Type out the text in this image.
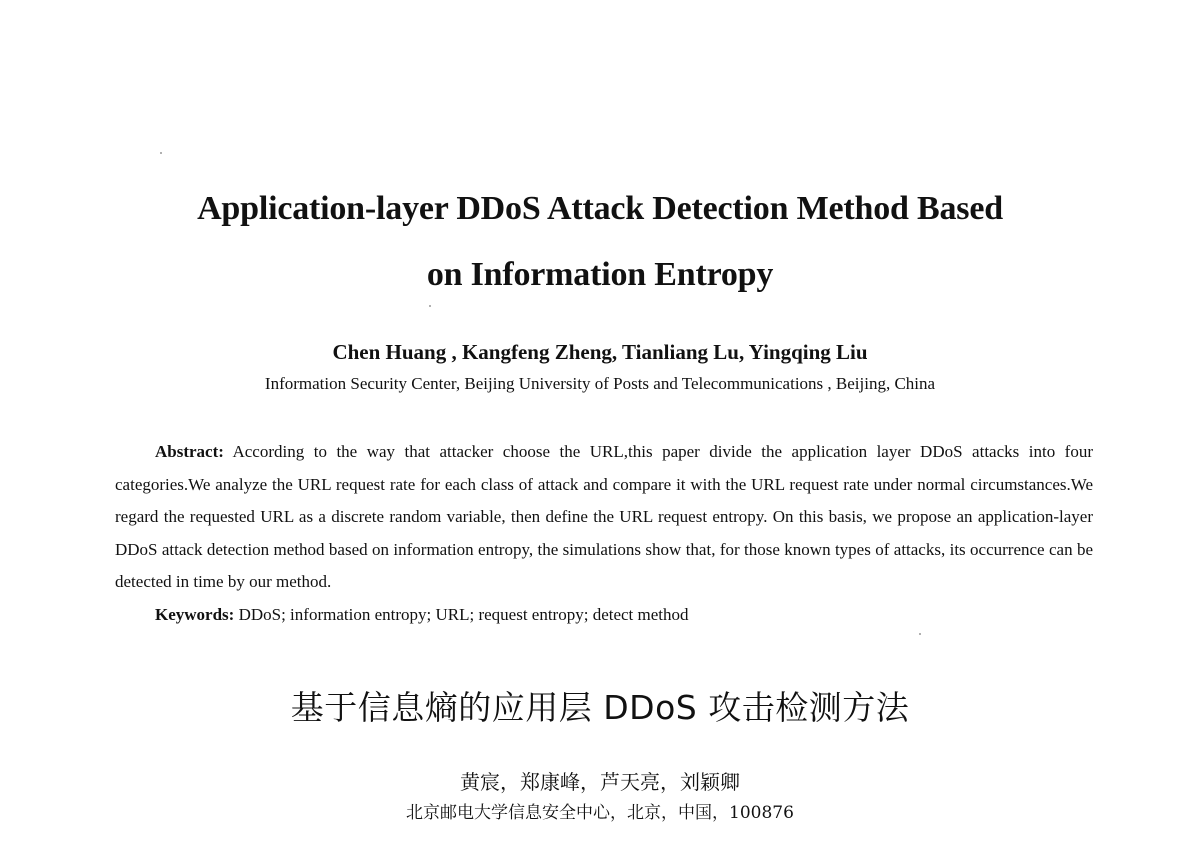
Application-layer DDoS Attack Detection Method Based
on Information Entropy
Chen Huang , Kangfeng Zheng, Tianliang Lu, Yingqing Liu
Information Security Center, Beijing University of Posts and Telecommunications , Beijing, China

Abstract: According to the way that attacker choose the URL,this paper divide the application layer DDoS attacks into four categories.We analyze the URL request rate for each class of attack and compare it with the URL request rate under normal circumstances.We regard the requested URL as a discrete random variable, then define the URL request entropy. On this basis, we propose an application-layer DDoS attack detection method based on information entropy, the simulations show that, for those known types of attacks, its occurrence can be detected in time by our method.

Keywords: DDoS; information entropy; URL; request entropy; detect method

基于信息熵的应用层 DDoS 攻击检测方法
黄宸，郑康峰，芦天亮，刘颖卿
北京邮电大学信息安全中心，北京，中国，100876
